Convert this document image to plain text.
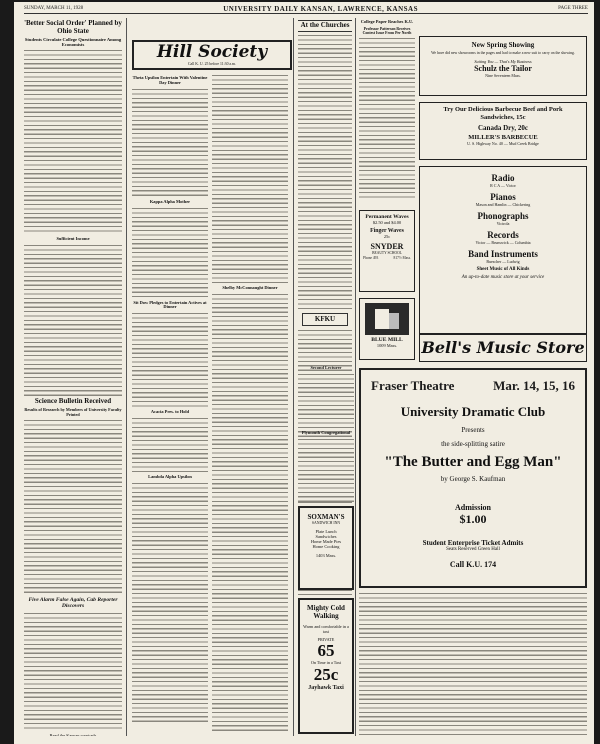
SUNDAY, MARCH 11, 1928	UNIVERSITY DAILY KANSAN, LAWRENCE, KANSAS	PAGE THREE
'Better Social Order' Planned by Ohio State
Students Circulate College Questionnaire Among Economists
Sufficient Income
Science Bulletin Received
Results of Research by Members of University Faculty Printed
Five Alarm False Again, Cab Reporter Discovers
Read the Kansan want-ads
Hill Society
Call K. U. 25 before 11:30 a.m.
Theta Upsilon Entertain With Valentine Day Dinner
Kappa Alpha Mother
Sit Dow Pledges to Entertain Actives at Dinner
Acacia Pres. to Hold
Lambda Alpha Upsilon
Shelby McConnaught Dinner
At the Churches
KFKU
College Paper Reaches K.U.
Professor Patterson Receives Contest Issue From Per North
New Spring Showing
We have did new showrooms in the pages and had to make a new suit to carry on the showing.
Suiting You — That's My Business
Schulz the Tailor
Nine Seventeen Mass.
Try Our Delicious Barbecue Beef and Pork Sandwiches, 15c
Canada Dry, 20c
MILLER'S BARBECUE
U. S. Highway No. 40 — Mud Creek Bridge
Radio
R C A — Victor
Pianos
Mason and Hamlin — Chickering
Phonographs
Victrola
Records
Victor — Brunswick — Columbia
Band Instruments
Buescher — Ludwig
Sheet Music of All Kinds
An up-to-date music store at your service
Permanent Waves
$2.50 and $4.00
Finger Waves
25c
SNYDER
BEAUTY SCHOOL
Phone 493	817½ Mass.
BLUE MILL
1009 Mass.	Bell's Music Store
Fraser Theatre	Mar. 14, 15, 16
University Dramatic Club
Presents
the side-splitting satire
"The Butter and Egg Man"
by George S. Kaufman
Admission
$1.00
Student Enterprise Ticket Admits
Seats Reserved Green Hall
Call K.U. 174
SOXMAN'S
SANDWICH INN
Plate Lunch
Sandwiches
Home Made Pies
Home Cooking
1403 Mass.
Mighty Cold
Walking
Warm and comfortable in a taxi
PRIVATE
65
On Time in a Taxi
25c
Jayhawk Taxi
Second Lecturer
Plymouth Congregational
